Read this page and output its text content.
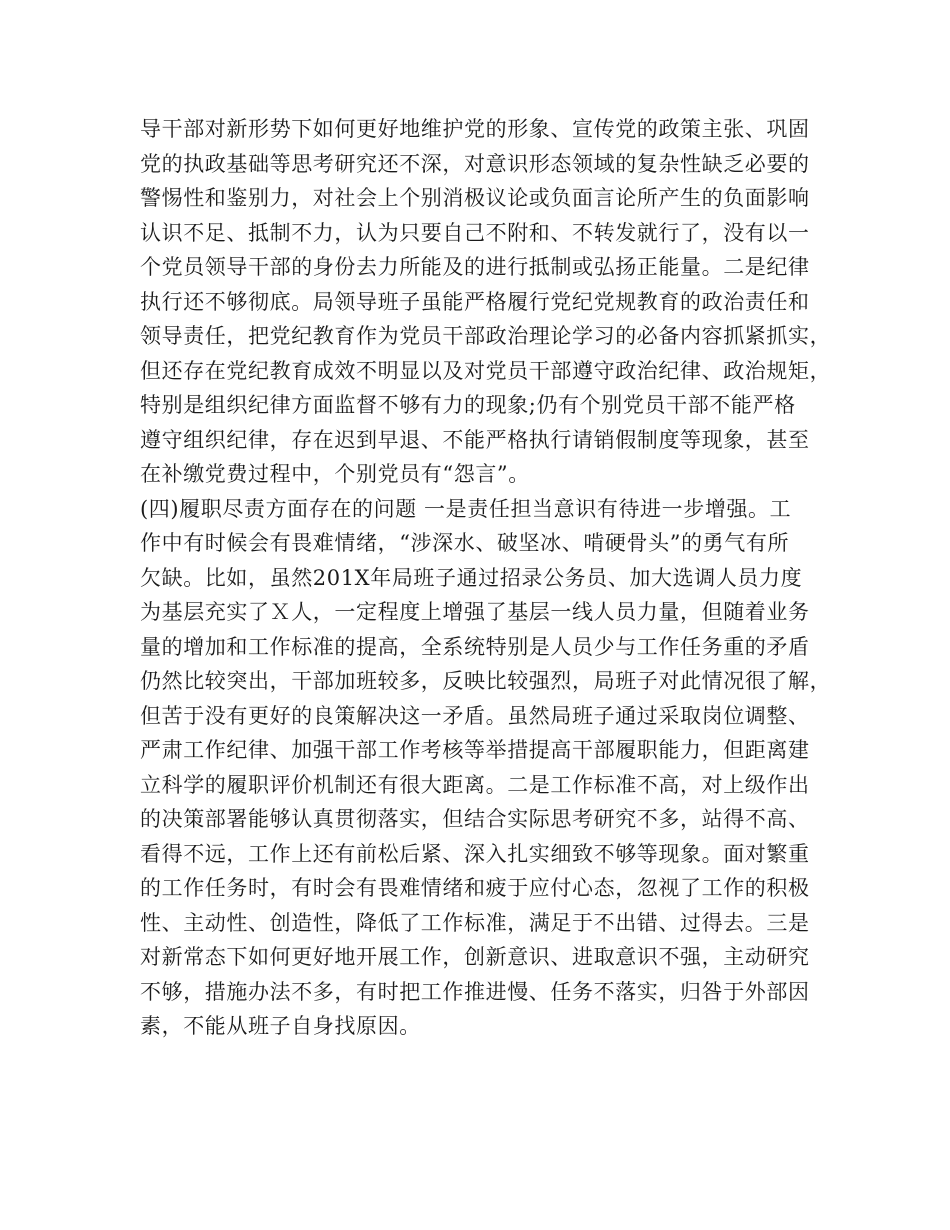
导干部对新形势下如何更好地维护党的形象、宣传党的政策主张、巩固
党的执政基础等思考研究还不深，对意识形态领域的复杂性缺乏必要的
警惕性和鉴别力，对社会上个别消极议论或负面言论所产生的负面影响
认识不足、抵制不力，认为只要自己不附和、不转发就行了，没有以一
个党员领导干部的身份去力所能及的进行抵制或弘扬正能量。二是纪律
执行还不够彻底。局领导班子虽能严格履行党纪党规教育的政治责任和
领导责任，把党纪教育作为党员干部政治理论学习的必备内容抓紧抓实，
但还存在党纪教育成效不明显以及对党员干部遵守政治纪律、政治规矩，
特别是组织纪律方面监督不够有力的现象;仍有个别党员干部不能严格
遵守组织纪律，存在迟到早退、不能严格执行请销假制度等现象，甚至
在补缴党费过程中，个别党员有“怨言”。
(四)履职尽责方面存在的问题 一是责任担当意识有待进一步增强。工
作中有时候会有畏难情绪，“涉深水、破坚冰、啃硬骨头”的勇气有所
欠缺。比如，虽然201X年局班子通过招录公务员、加大选调人员力度
为基层充实了Ｘ人，一定程度上增强了基层一线人员力量，但随着业务
量的增加和工作标准的提高，全系统特别是人员少与工作任务重的矛盾
仍然比较突出，干部加班较多，反映比较强烈，局班子对此情况很了解，
但苦于没有更好的良策解决这一矛盾。虽然局班子通过采取岗位调整、
严肃工作纪律、加强干部工作考核等举措提高干部履职能力，但距离建
立科学的履职评价机制还有很大距离。二是工作标准不高，对上级作出
的决策部署能够认真贯彻落实，但结合实际思考研究不多，站得不高、
看得不远，工作上还有前松后紧、深入扎实细致不够等现象。面对繁重
的工作任务时，有时会有畏难情绪和疲于应付心态，忽视了工作的积极
性、主动性、创造性，降低了工作标准，满足于不出错、过得去。三是
对新常态下如何更好地开展工作，创新意识、进取意识不强，主动研究
不够，措施办法不多，有时把工作推进慢、任务不落实，归咎于外部因
素，不能从班子自身找原因。
